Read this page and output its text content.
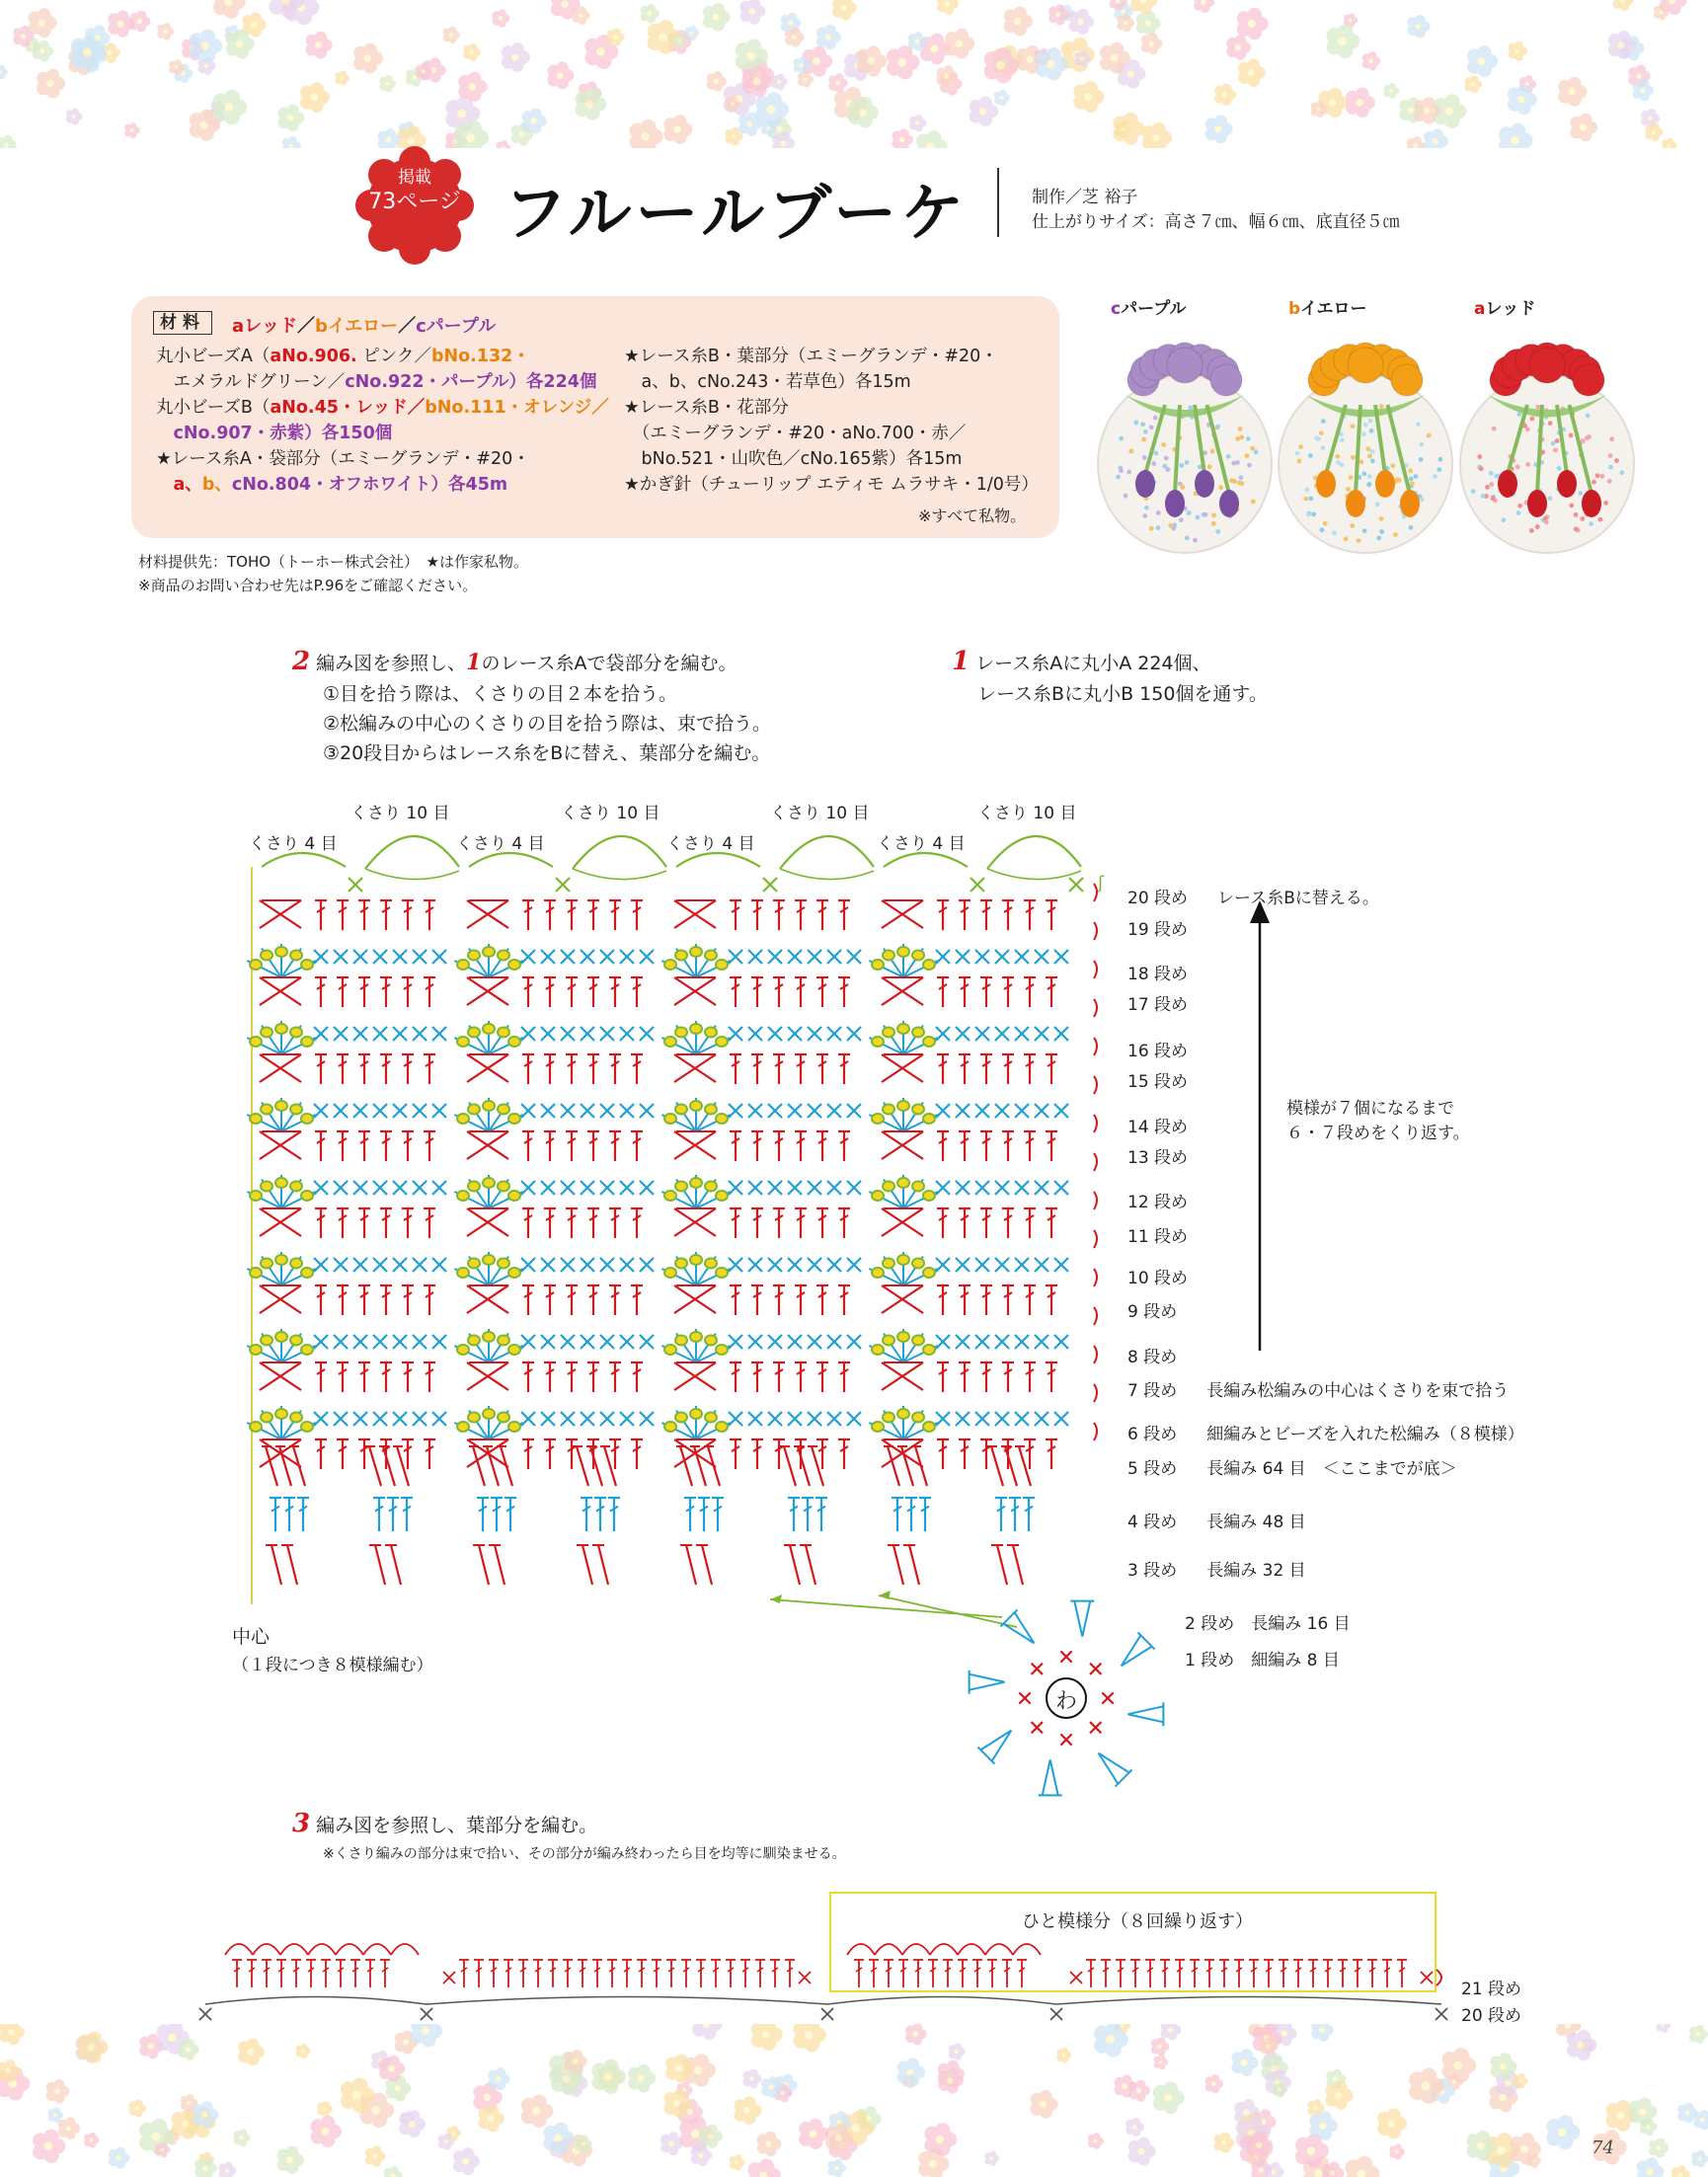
掲載
73ページ フルールブーケ	制作／芝 裕子
仕上がりサイズ：高さ７㎝、幅６㎝、底直径５㎝
材料	aレッド／bイエロー／cパープル
丸小ビーズA（aNo.906. ピンク／bNo.132・
　エメラルドグリーン／cNo.922・パープル）各224個
丸小ビーズB（aNo.45・レッド／bNo.111・オレンジ／
　cNo.907・赤紫）各150個
★レース糸A・袋部分（エミーグランデ・#20・
　a、b、cNo.804・オフホワイト）各45m
★レース糸B・葉部分（エミーグランデ・#20・
　a、b、cNo.243・若草色）各15m
★レース糸B・花部分
　（エミーグランデ・#20・aNo.700・赤／
　bNo.521・山吹色／cNo.165紫）各15m
★かぎ針（チューリップ エティモ ムラサキ・1/0号）
※すべて私物。
材料提供先：TOHO（トーホー株式会社）　★は作家私物。
※商品のお問い合わせ先はP.96をご確認ください。
cパープル	bイエロー	aレッド
2 編み図を参照し、1のレース糸Aで袋部分を編む。
①目を拾う際は、くさりの目２本を拾う。
②松編みの中心のくさりの目を拾う際は、束で拾う。
③20段目からはレース糸をBに替え、葉部分を編む。
1 レース糸Aに丸小A 224個、
レース糸Bに丸小B 150個を通す。
ʃ
くさり 10 目	くさり 10 目	くさり 10 目	くさり 10 目
くさり 4 目	くさり 4 目	くさり 4 目	くさり 4 目
20 段め レース糸Bに替える。
19 段め
18 段め
17 段め
16 段め
15 段め
14 段め
13 段め
12 段め
11 段め
10 段め
9 段め
8 段め
7 段め 長編み松編みの中心はくさりを束で拾う
6 段め 細編みとビーズを入れた松編み（８模様）
5 段め 長編み 64 目　＜ここまでが底＞
4 段め 長編み 48 目
3 段め 長編み 32 目
2 段め　長編み 16 目
1 段め　細編み 8 目
模様が７個になるまで
６・７段めをくり返す。
中心
（１段につき８模様編む）
わ
3 編み図を参照し、葉部分を編む。
※くさり編みの部分は束で拾い、その部分が編み終わったら目を均等に馴染ませる。
ひと模様分（８回繰り返す）
21 段め
20 段め
74
